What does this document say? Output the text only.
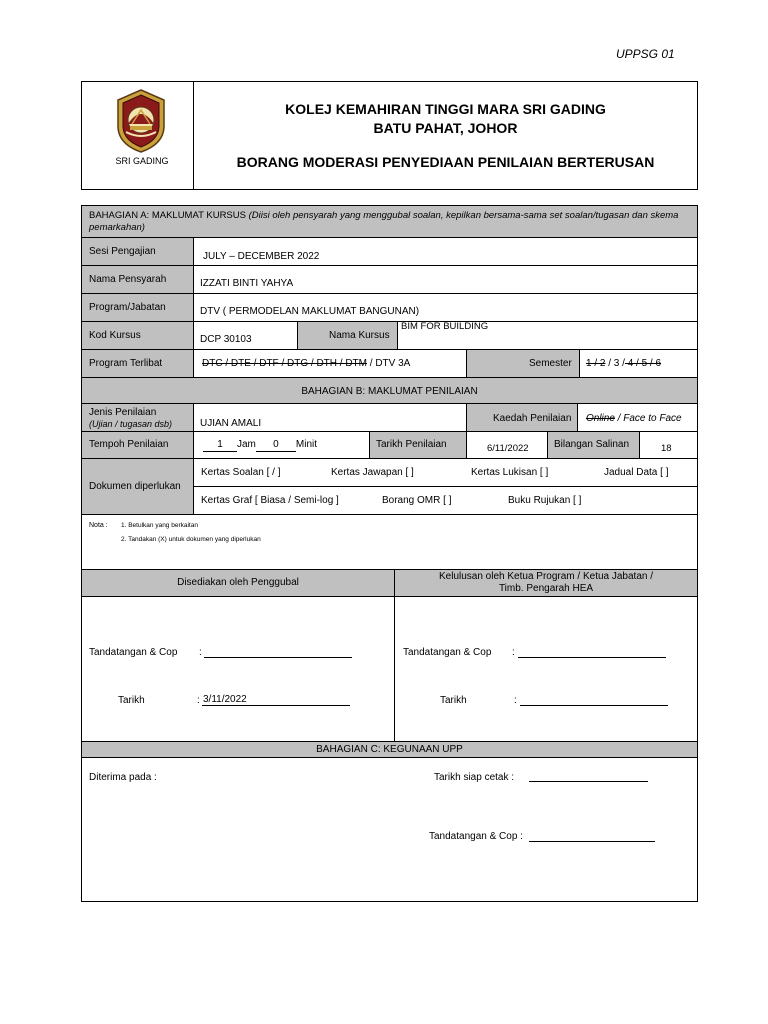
UPPSG 01
SRI GADING
KOLEJ KEMAHIRAN TINGGI MARA SRI GADING
BATU PAHAT, JOHOR
BORANG MODERASI PENYEDIAAN PENILAIAN BERTERUSAN
BAHAGIAN A: MAKLUMAT KURSUS (Diisi oleh pensyarah yang menggubal soalan, kepilkan bersama-sama set soalan/tugasan dan skema pemarkahan)
Sesi Pengajian	JULY – DECEMBER 2022
Nama Pensyarah	IZZATI BINTI YAHYA
Program/Jabatan	DTV ( PERMODELAN MAKLUMAT BANGUNAN)
Kod Kursus	DCP 30103	Nama Kursus
BIM FOR BUILDING
Program Terlibat	DTC / DTE / DTF / DTG / DTH / DTM / DTV 3A	Semester 1 / 2 / 3 / 4 / 5 / 6
BAHAGIAN B: MAKLUMAT PENILAIAN
Jenis Penilaian
(Ujian / tugasan dsb)	UJIAN AMALI	Kaedah Penilaian Online / Face to Face
Tempoh Penilaian	1 Jam 0 Minit	Tarikh Penilaian	6/11/2022	Bilangan Salinan	18
Dokumen diperlukan
Kertas Soalan [ / ]	Kertas Jawapan [ ]	Kertas Lukisan [ ]	Jadual Data [ ]
Kertas Graf [ Biasa / Semi-log ]	Borang OMR [ ]	Buku Rujukan [ ]
Nota : 1. Betulkan yang berkaitan
2. Tandakan (X) untuk dokumen yang diperlukan
Disediakan oleh Penggubal
Kelulusan oleh Ketua Program / Ketua Jabatan /
Timb. Pengarah HEA
Tandatangan & Cop :
Tarikh	: 3/11/2022
Tandatangan & Cop :
Tarikh	:
BAHAGIAN C: KEGUNAAN UPP
Diterima pada :	Tarikh siap cetak :
Tandatangan & Cop :
